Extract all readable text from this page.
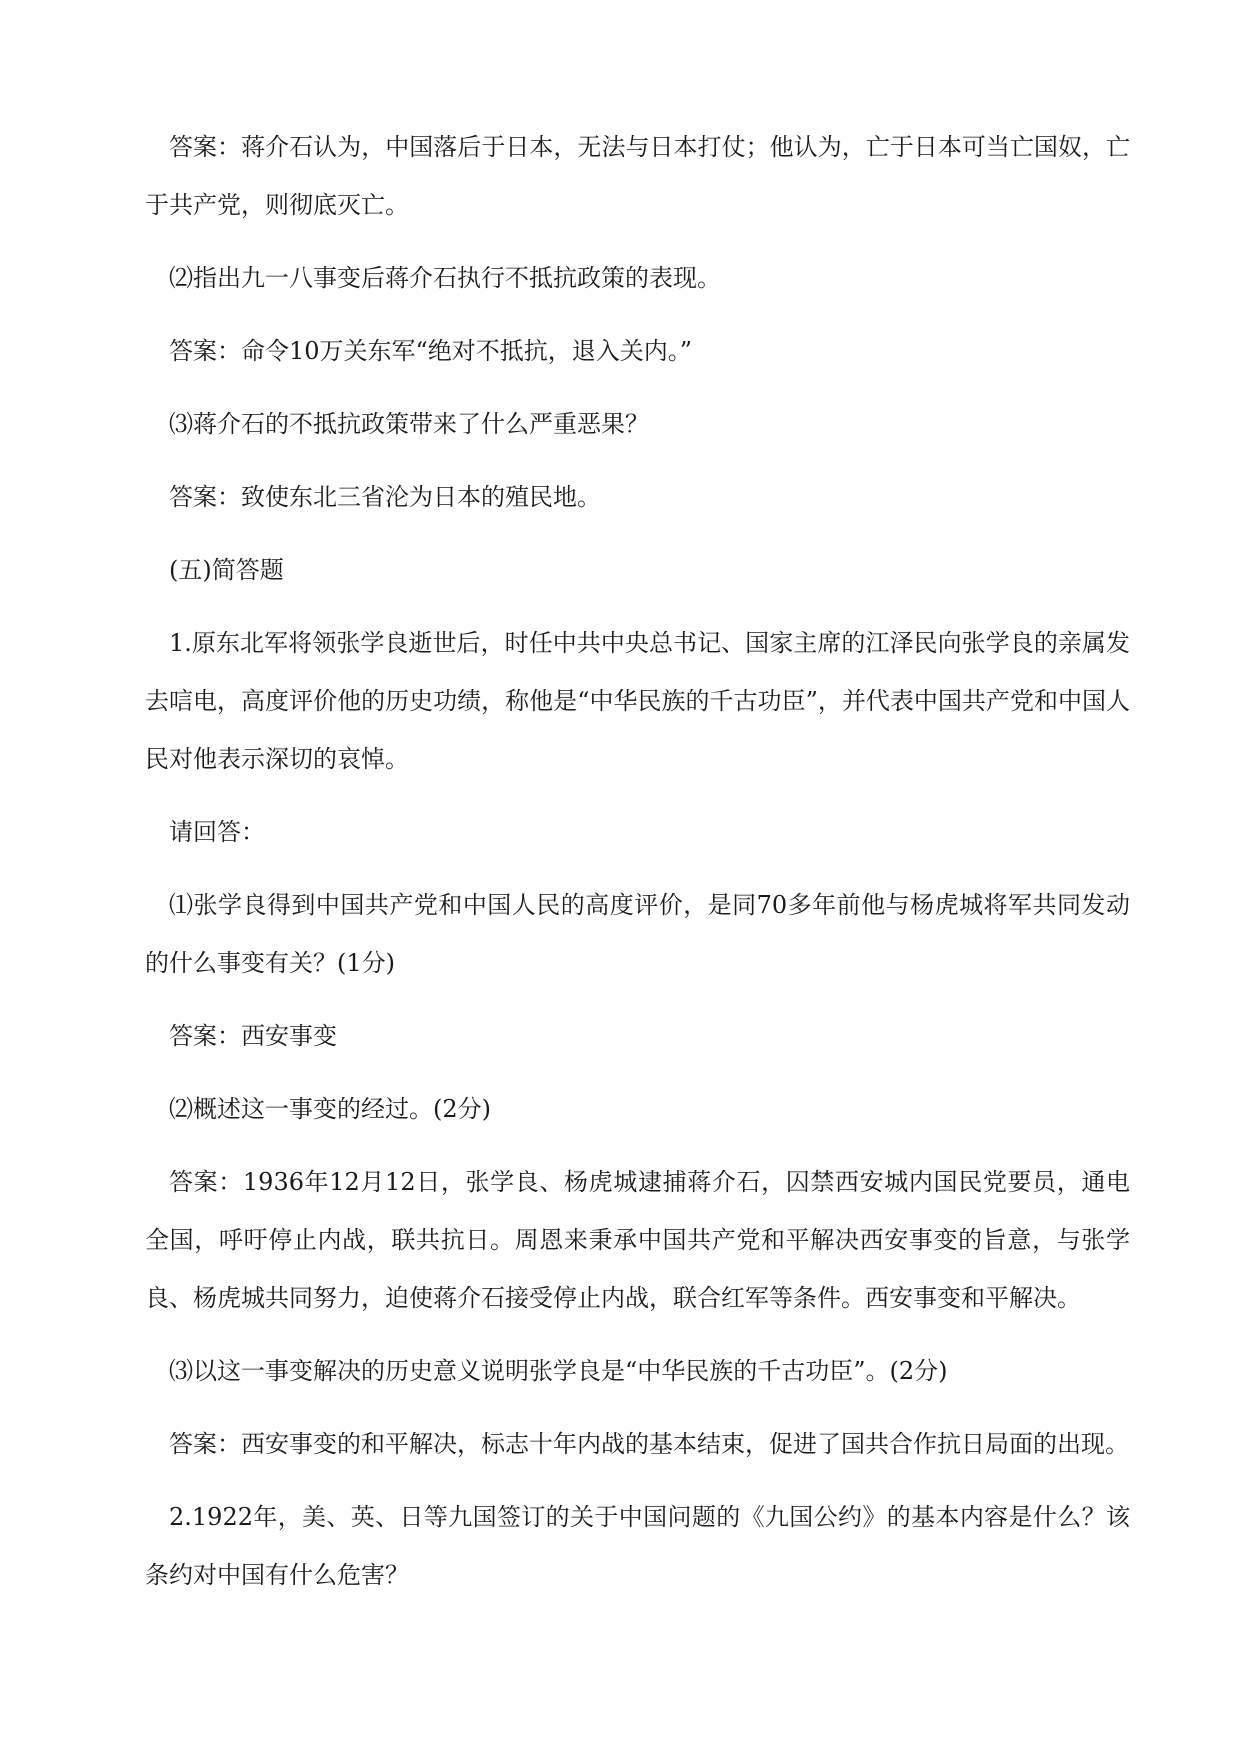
答案：蒋介石认为，中国落后于日本，无法与日本打仗；他认为，亡于日本可当亡国奴，亡于共产党，则彻底灭亡。

⑵指出九一八事变后蒋介石执行不抵抗政策的表现。

答案：命令10万关东军“绝对不抵抗，退入关内。”

⑶蒋介石的不抵抗政策带来了什么严重恶果？

答案：致使东北三省沦为日本的殖民地。

(五)简答题

1.原东北军将领张学良逝世后，时任中共中央总书记、国家主席的江泽民向张学良的亲属发去唁电，高度评价他的历史功绩，称他是“中华民族的千古功臣”，并代表中国共产党和中国人民对他表示深切的哀悼。

请回答：

⑴张学良得到中国共产党和中国人民的高度评价，是同70多年前他与杨虎城将军共同发动的什么事变有关？(1分)

答案：西安事变

⑵概述这一事变的经过。(2分)

答案：1936年12月12日，张学良、杨虎城逮捕蒋介石，囚禁西安城内国民党要员，通电全国，呼吁停止内战，联共抗日。周恩来秉承中国共产党和平解决西安事变的旨意，与张学良、杨虎城共同努力，迫使蒋介石接受停止内战，联合红军等条件。西安事变和平解决。

⑶以这一事变解决的历史意义说明张学良是“中华民族的千古功臣”。(2分)

答案：西安事变的和平解决，标志十年内战的基本结束，促进了国共合作抗日局面的出现。

2.1922年，美、英、日等九国签订的关于中国问题的《九国公约》的基本内容是什么？该条约对中国有什么危害？
